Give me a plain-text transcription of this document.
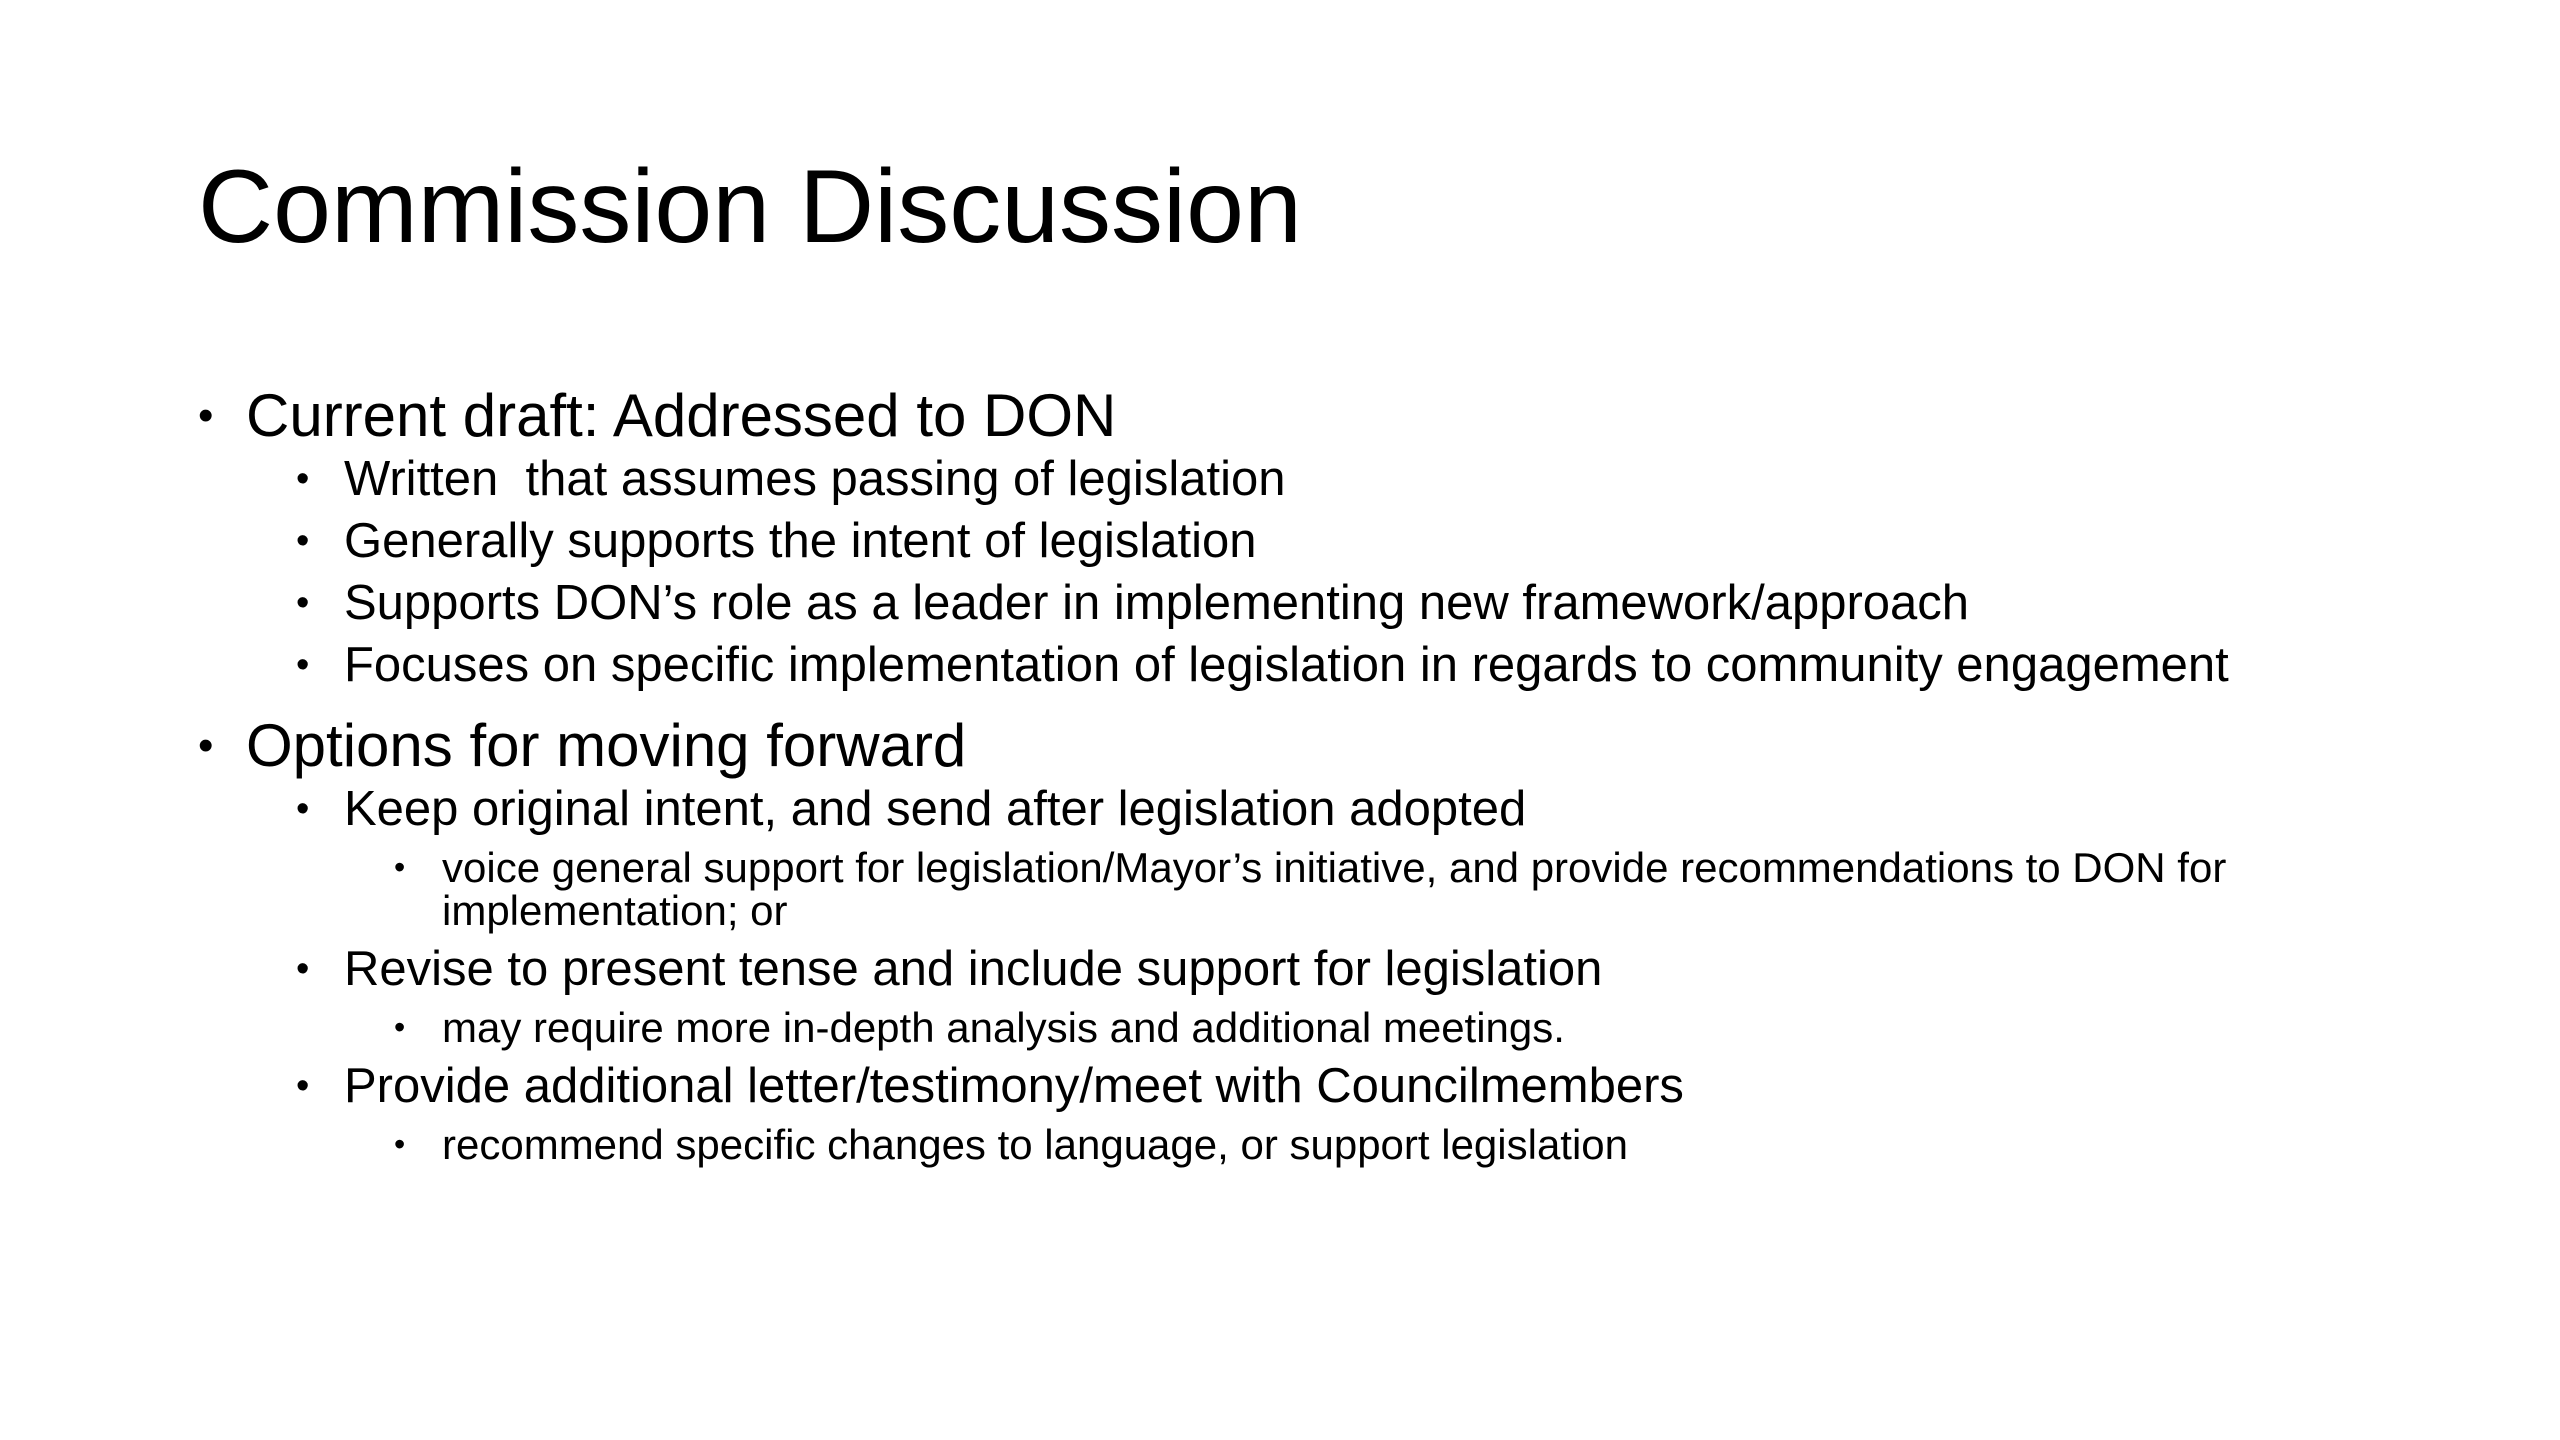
Commission Discussion
• Current draft: Addressed to DON
• Written  that assumes passing of legislation
• Generally supports the intent of legislation
• Supports DON’s role as a leader in implementing new framework/approach
• Focuses on specific implementation of legislation in regards to community engagement
• Options for moving forward
• Keep original intent, and send after legislation adopted
• voice general support for legislation/Mayor’s initiative, and provide recommendations to DON for implementation; or
• Revise to present tense and include support for legislation
• may require more in-depth analysis and additional meetings.
• Provide additional letter/testimony/meet with Councilmembers
• recommend specific changes to language, or support legislation
